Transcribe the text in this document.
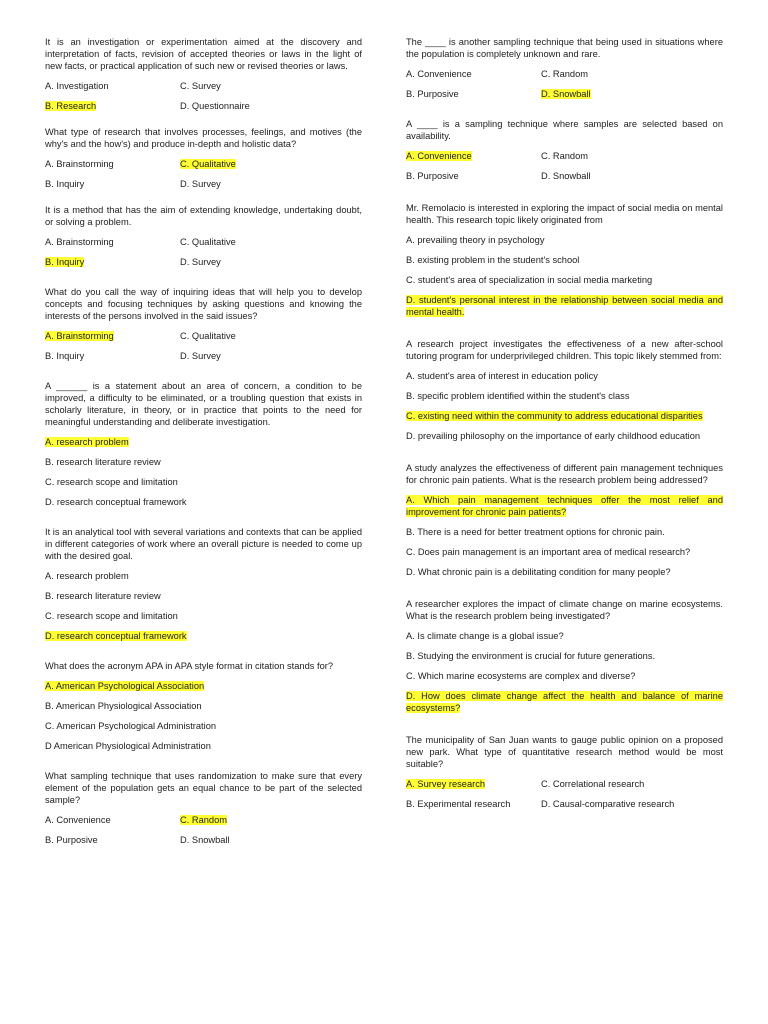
It is an investigation or experimentation aimed at the discovery and interpretation of facts, revision of accepted theories or laws in the light of new facts, or practical application of such new or revised theories or laws.

A. Investigation	C. Survey
B. Research	D. Questionnaire

What type of research that involves processes, feelings, and motives (the why's and the how's) and produce in-depth and holistic data?

A. Brainstorming	C. Qualitative
B. Inquiry	D. Survey

It is a method that has the aim of extending knowledge, undertaking doubt, or solving a problem.

A. Brainstorming	C. Qualitative
B. Inquiry	D. Survey

What do you call the way of inquiring ideas that will help you to develop concepts and focusing techniques by asking questions and knowing the interests of the persons involved in the said issues?

A. Brainstorming	C. Qualitative
B. Inquiry	D. Survey

A ______ is a statement about an area of concern, a condition to be improved, a difficulty to be eliminated, or a troubling question that exists in scholarly literature, in theory, or in practice that points to the need for meaningful understanding and deliberate investigation.

A. research problem
B. research literature review
C. research scope and limitation
D. research conceptual framework

It is an analytical tool with several variations and contexts that can be applied in different categories of work where an overall picture is needed to come up with the desired goal.

A. research problem
B. research literature review
C. research scope and limitation
D. research conceptual framework

What does the acronym APA in APA style format in citation stands for?

A. American Psychological Association
B. American Physiological Association
C. American Psychological Administration
D American Physiological Administration

What sampling technique that uses randomization to make sure that every element of the population gets an equal chance to be part of the selected sample?

A. Convenience	C. Random
B. Purposive	D. Snowball

The ____ is another sampling technique that being used in situations where the population is completely unknown and rare.

A. Convenience	C. Random
B. Purposive	D. Snowball

A ____ is a sampling technique where samples are selected based on availability.

A. Convenience	C. Random
B. Purposive	D. Snowball

Mr. Remolacio is interested in exploring the impact of social media on mental health. This research topic likely originated from

A. prevailing theory in psychology
B. existing problem in the student's school
C. student's area of specialization in social media marketing
D. student's personal interest in the relationship between social media and mental health.

A research project investigates the effectiveness of a new after-school tutoring program for underprivileged children. This topic likely stemmed from:

A. student's area of interest in education policy
B. specific problem identified within the student's class
C. existing need within the community to address educational disparities
D. prevailing philosophy on the importance of early childhood education

A study analyzes the effectiveness of different pain management techniques for chronic pain patients. What is the research problem being addressed?

A. Which pain management techniques offer the most relief and improvement for chronic pain patients?
B. There is a need for better treatment options for chronic pain.
C. Does pain management is an important area of medical research?
D. What chronic pain is a debilitating condition for many people?

A researcher explores the impact of climate change on marine ecosystems. What is the research problem being investigated?

A. Is climate change is a global issue?
B. Studying the environment is crucial for future generations.
C. Which marine ecosystems are complex and diverse?
D. How does climate change affect the health and balance of marine ecosystems?

The municipality of San Juan wants to gauge public opinion on a proposed new park. What type of quantitative research method would be most suitable?

A. Survey research	C. Correlational research
B. Experimental research	D. Causal-comparative research
